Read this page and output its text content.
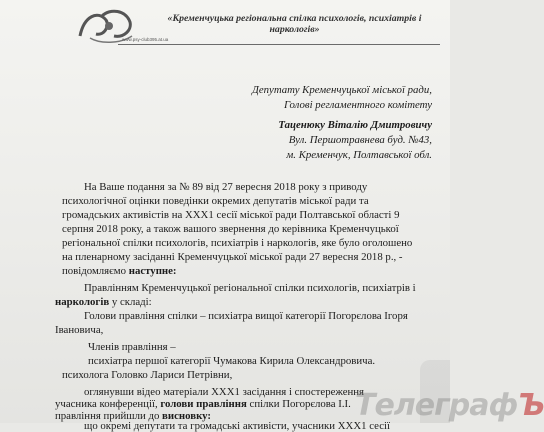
www.psy-club395.at.ua
«Кременчуцька регіональна спілка психологів, психіатрів і
наркологів»
Депутату Кременчуцької міської ради,
Голові регламентного комітету
Таценюку Віталію Дмитровичу
Вул. Першотравнева буд. №43,
м. Кременчук, Полтавської обл.
На Ваше подання за № 89 від 27 вересня 2018 року з приводу
психологічної оцінки поведінки окремих депутатів міської ради та
громадських активістів на XXX1 сесії міської ради Полтавської області 9
серпня 2018 року, а також вашого звернення до керівника Кременчуцької
регіональної спілки психологів, психіатрів і наркологів, яке було оголошено
на пленарному засіданні Кременчуцької міської ради 27 вересня 2018 р., -
повідомляємо наступне:
Правлінням Кременчуцької регіональної спілки психологів, психіатрів і
наркологів у складі:
Голови правління спілки – психіатра вищої категорії Погорєлова Ігоря
Івановича,
Членів правління –
психіатра першої категорії Чумакова Кирила Олександровича.
психолога Головко Лариси Петрівни,
оглянувши відео матеріали XXX1 засідання і спостереження
учасника конференції, голови правління спілки Погорєлова І.І.
правління прийшли до висновку:
що окремі депутати та громадські активісти, учасники XXX1 сесії
ТелеграфЪ
